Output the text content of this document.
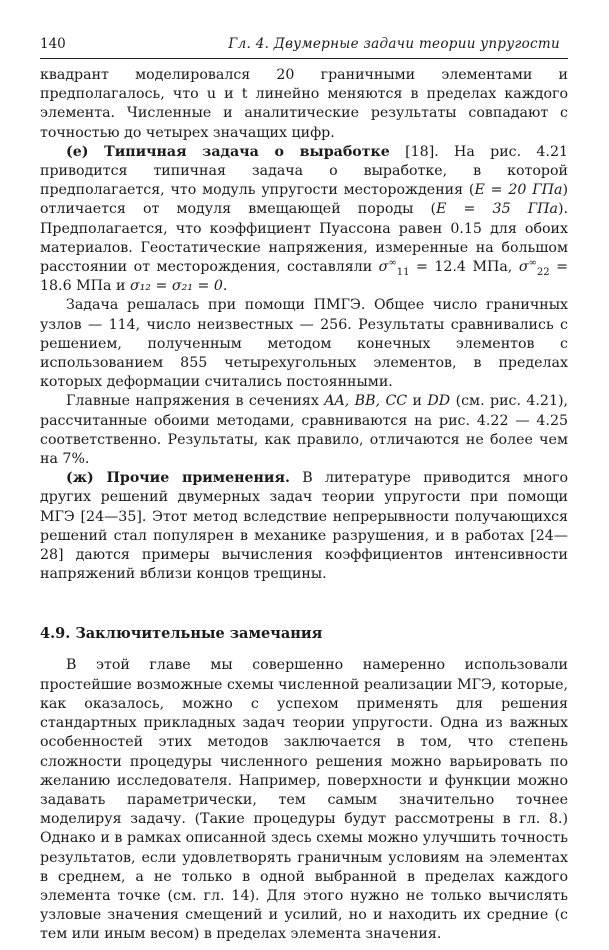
140	Гл. 4. Двумерные задачи теории упругости

квадрант моделировался 20 граничными элементами и предполагалось, что u и t линейно меняются в пределах каждого элемента. Численные и аналитические результаты совпадают с точностью до четырех значащих цифр.

(е) Типичная задача о выработке [18]. На рис. 4.21 приводится типичная задача о выработке, в которой предполагается, что модуль упругости месторождения (E = 20 ГПа) отличается от модуля вмещающей породы (E = 35 ГПа). Предполагается, что коэффициент Пуассона равен 0.15 для обоих материалов. Геостатические напряжения, измеренные на большом расстоянии от месторождения, составляли $\sigma^\infty_{11} = 12.4$ МПа, $\sigma^\infty_{22} = 18.6$ МПа и σ₁₂ = σ₂₁ = 0.

Задача решалась при помощи ПМГЭ. Общее число граничных узлов — 114, число неизвестных — 256. Результаты сравнивались с решением, полученным методом конечных элементов с использованием 855 четырехугольных элементов, в пределах которых деформации считались постоянными.

Главные напряжения в сечениях AA, BB, CC и DD (см. рис. 4.21), рассчитанные обоими методами, сравниваются на рис. 4.22 — 4.25 соответственно. Результаты, как правило, отличаются не более чем на 7%.

(ж) Прочие применения. В литературе приводится много других решений двумерных задач теории упругости при помощи МГЭ [24—35]. Этот метод вследствие непрерывности получающихся решений стал популярен в механике разрушения, и в работах [24—28] даются примеры вычисления коэффициентов интенсивности напряжений вблизи концов трещины.

4.9. Заключительные замечания

В этой главе мы совершенно намеренно использовали простейшие возможные схемы численной реализации МГЭ, которые, как оказалось, можно с успехом применять для решения стандартных прикладных задач теории упругости. Одна из важных особенностей этих методов заключается в том, что степень сложности процедуры численного решения можно варьировать по желанию исследователя. Например, поверхности и функции можно задавать параметрически, тем самым значительно точнее моделируя задачу. (Такие процедуры будут рассмотрены в гл. 8.) Однако и в рамках описанной здесь схемы можно улучшить точность результатов, если удовлетворять граничным условиям на элементах в среднем, а не только в одной выбранной в пределах каждого элемента точке (см. гл. 14). Для этого нужно не только вычислять узловые значения смещений и усилий, но и находить их средние (с тем или иным весом) в пределах элемента значения.
